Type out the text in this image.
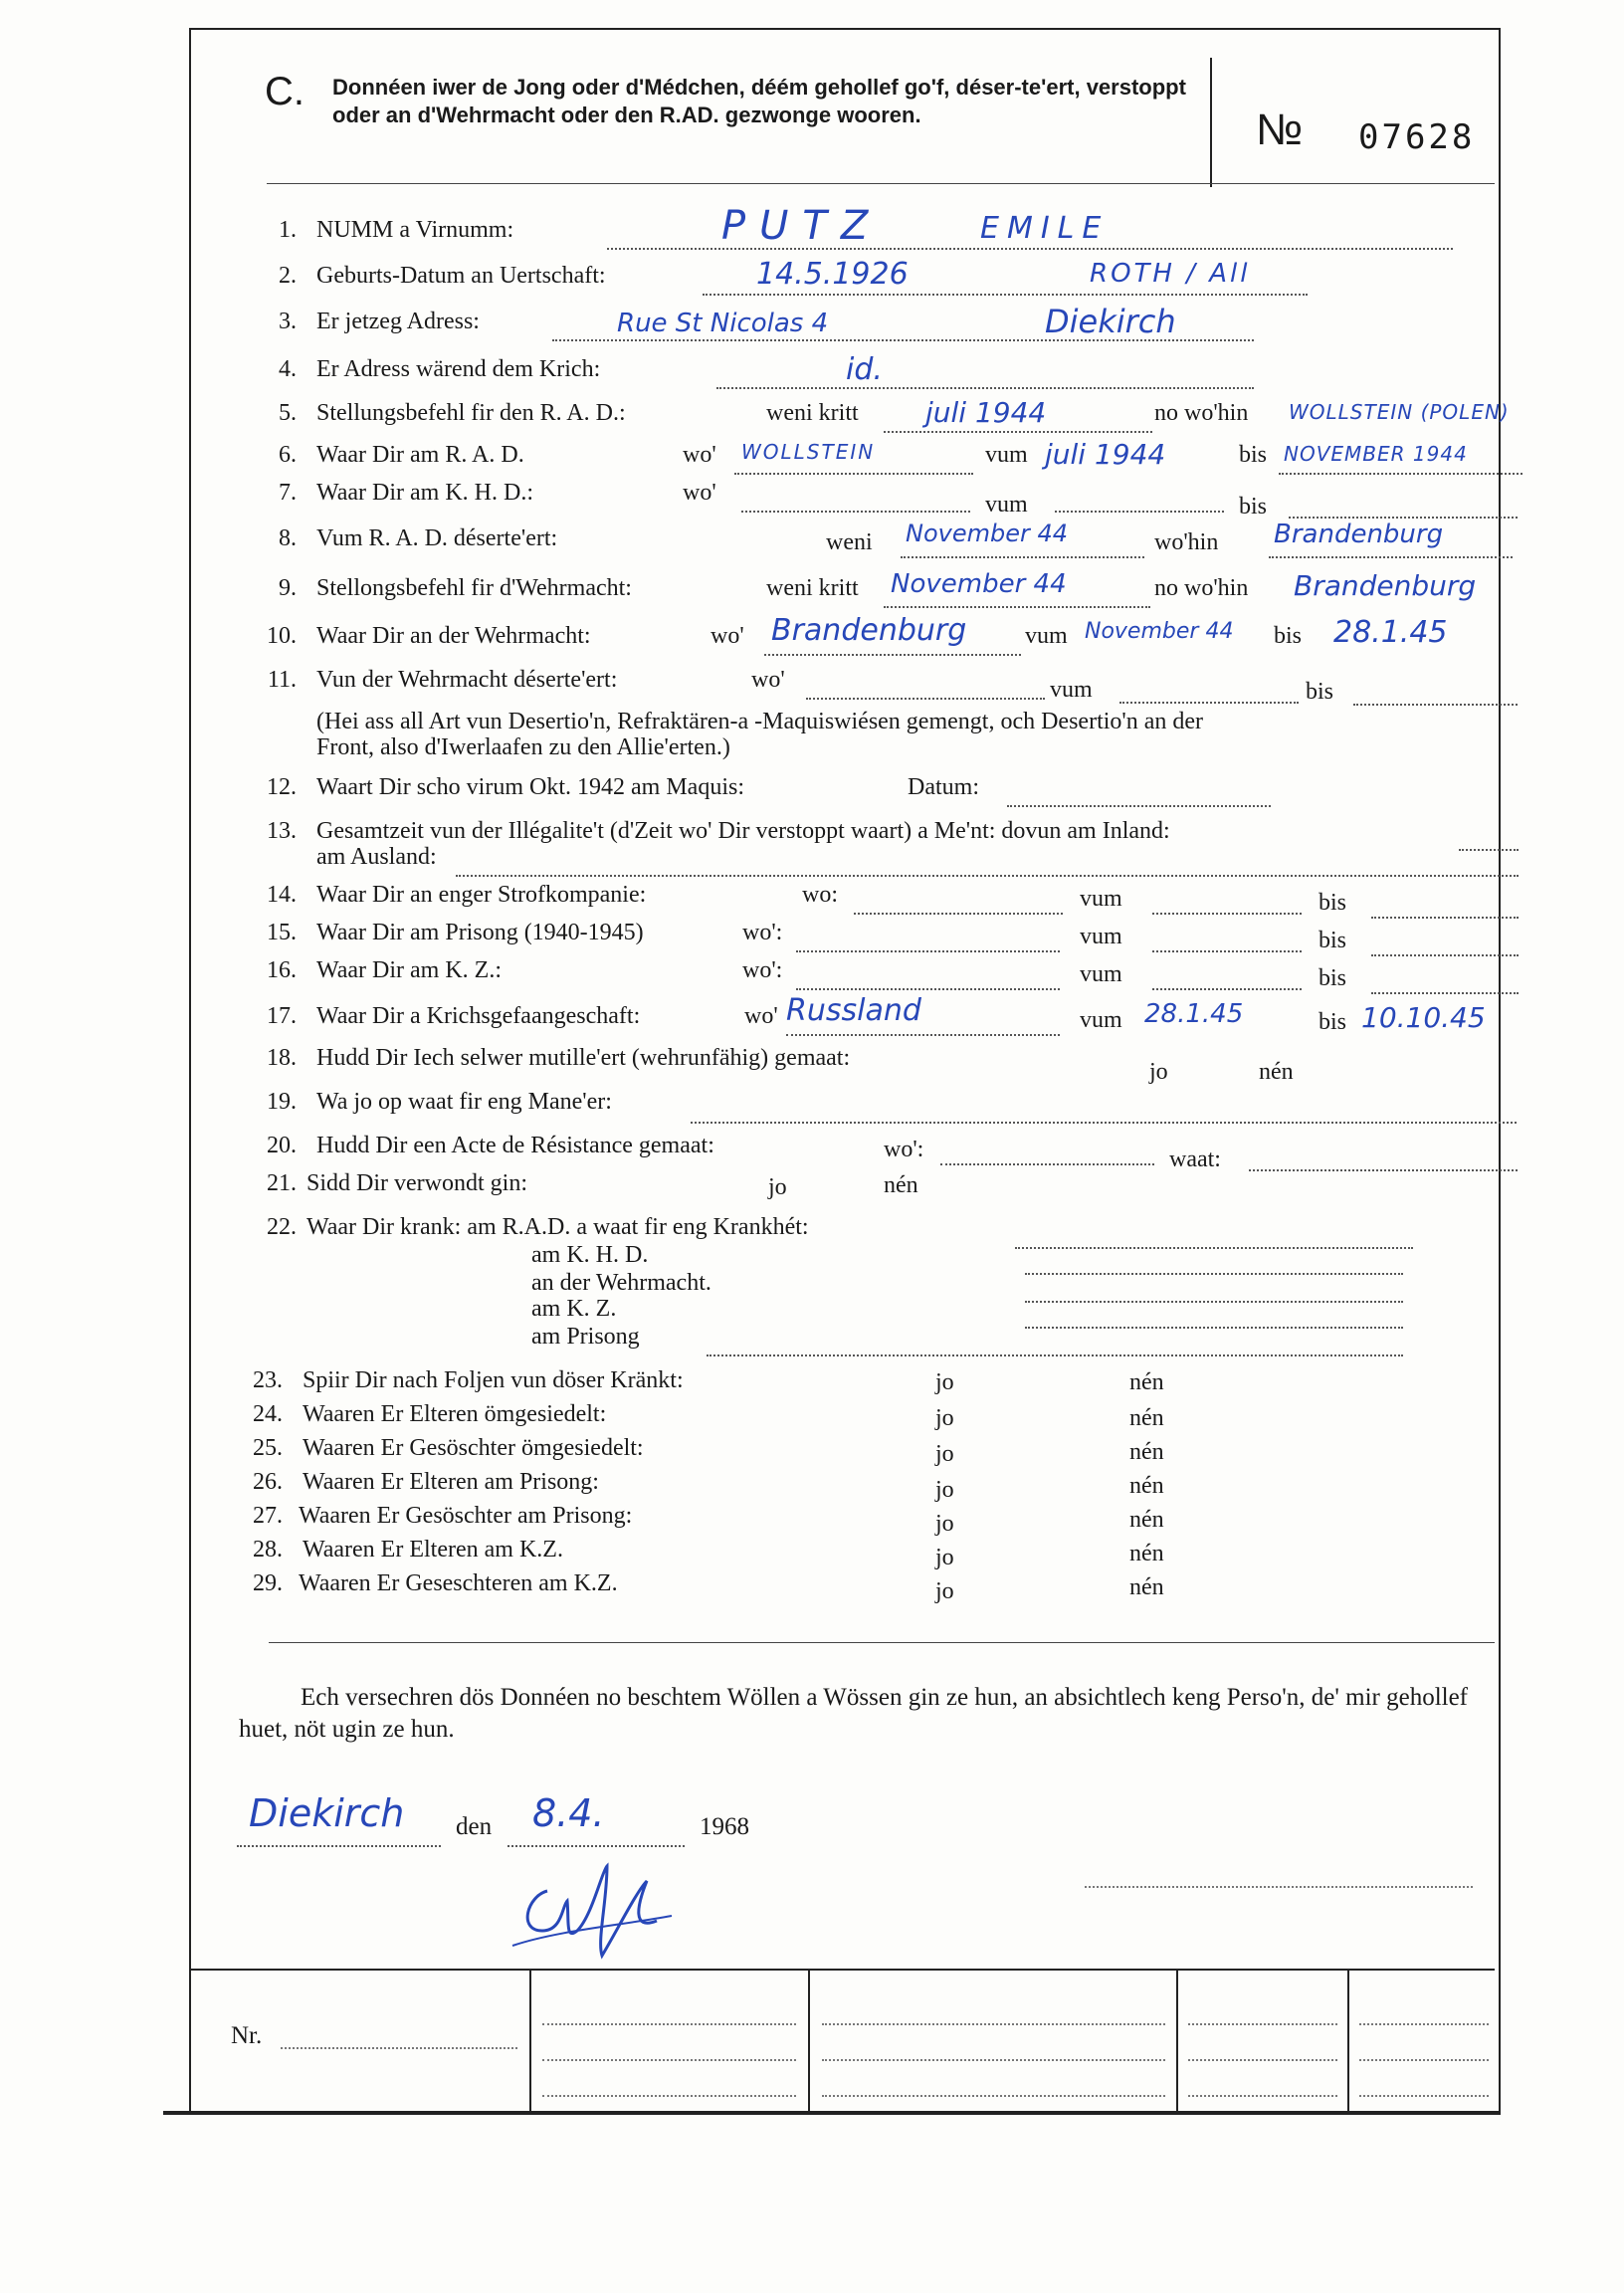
C. Donnéen iwer de Jong oder d'Médchen, déém gehollef go'f, déser-te'ert, verstoppt oder an d'Wehrmacht oder den R.AD. gezwonge wooren.	№ 07628
1. NUMM a Virnumm:	PUTZ	EMILE
2. Geburts-Datum an Uertschaft:	14.5.1926	ROTH / All
3. Er jetzeg Adress:	Rue St Nicolas 4	Diekirch
4. Er Adress wärend dem Krich:	id.
5. Stellungsbefehl fir den R. A. D.:	weni kritt juli 1944	no wo'hin WOLLSTEIN (POLEN)
6. Waar Dir am R. A. D.	wo' WOLLSTEIN	vum juli 1944	bis NOVEMBER 1944
7. Waar Dir am K. H. D.:	wo'	vum	bis
8. Vum R. A. D. déserte'ert:	weni November 44	wo'hin Brandenburg
9. Stellongsbefehl fir d'Wehrmacht:	weni kritt November 44	no wo'hin Brandenburg
10. Waar Dir an der Wehrmacht:	wo' Brandenburg vum November 44 bis 28.1.45
11. Vun der Wehrmacht déserte'ert:	wo'	vum	bis
(Hei ass all Art vun Desertio'n, Refraktären-a -Maquiswiésen gemengt, och Desertio'n an der
Front, also d'Iwerlaafen zu den Allie'erten.)
12. Waart Dir scho virum Okt. 1942 am Maquis:	Datum:
13. Gesamtzeit vun der Illégalite't (d'Zeit wo' Dir verstoppt waart) a Me'nt: dovun am Inland:
am Ausland:
14. Waar Dir an enger Strofkompanie:	wo:	vum	bis
15. Waar Dir am Prisong (1940-1945)	wo':	vum	bis
16. Waar Dir am K. Z.:	wo':	vum	bis
17. Waar Dir a Krichsgefaangeschaft:	wo' Russland	vum 28.1.45	bis 10.10.45
18. Hudd Dir Iech selwer mutille'ert (wehrunfähig) gemaat:
jo	nén
19. Wa jo op waat fir eng Mane'er:
20. Hudd Dir een Acte de Résistance gemaat:	wo':	waat:
21. Sidd Dir verwondt gin:	jo	nén
22. Waar Dir krank: am R.A.D. a waat fir eng Krankhét:
am K. H. D.
an der Wehrmacht.
am K. Z.
am Prisong
23. Spiir Dir nach Foljen vun döser Kränkt:	jo	nén
24. Waaren Er Elteren ömgesiedelt:	jo	nén
25. Waaren Er Gesöschter ömgesiedelt:	jo	nén
26. Waaren Er Elteren am Prisong:	jo	nén
27. Waaren Er Gesöschter am Prisong:	jo	nén
28. Waaren Er Elteren am K.Z.	jo	nén
29. Waaren Er Geseschteren am K.Z.	jo	nén
Ech versechren dös Donnéen no beschtem Wöllen a Wössen gin ze hun, an absichtlech keng Perso'n, de' mir gehollef huet, nöt ugin ze hun.
Diekirch den 8.4.	1968
Nr.
